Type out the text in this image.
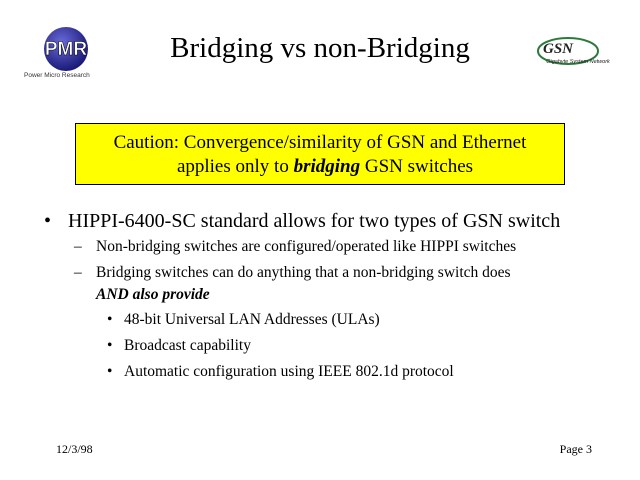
PMR
Power Micro Research
GSN
Gigabyte System Network
Bridging vs non-Bridging
Caution: Convergence/similarity of GSN and Ethernet
applies only to bridging GSN switches
• HIPPI-6400-SC standard allows for two types of GSN switch
– Non-bridging switches are configured/operated like HIPPI switches
– Bridging switches can do anything that a non-bridging switch does
AND also provide
• 48-bit Universal LAN Addresses (ULAs)
• Broadcast capability
• Automatic configuration using IEEE 802.1d protocol
12/3/98	Page 3
